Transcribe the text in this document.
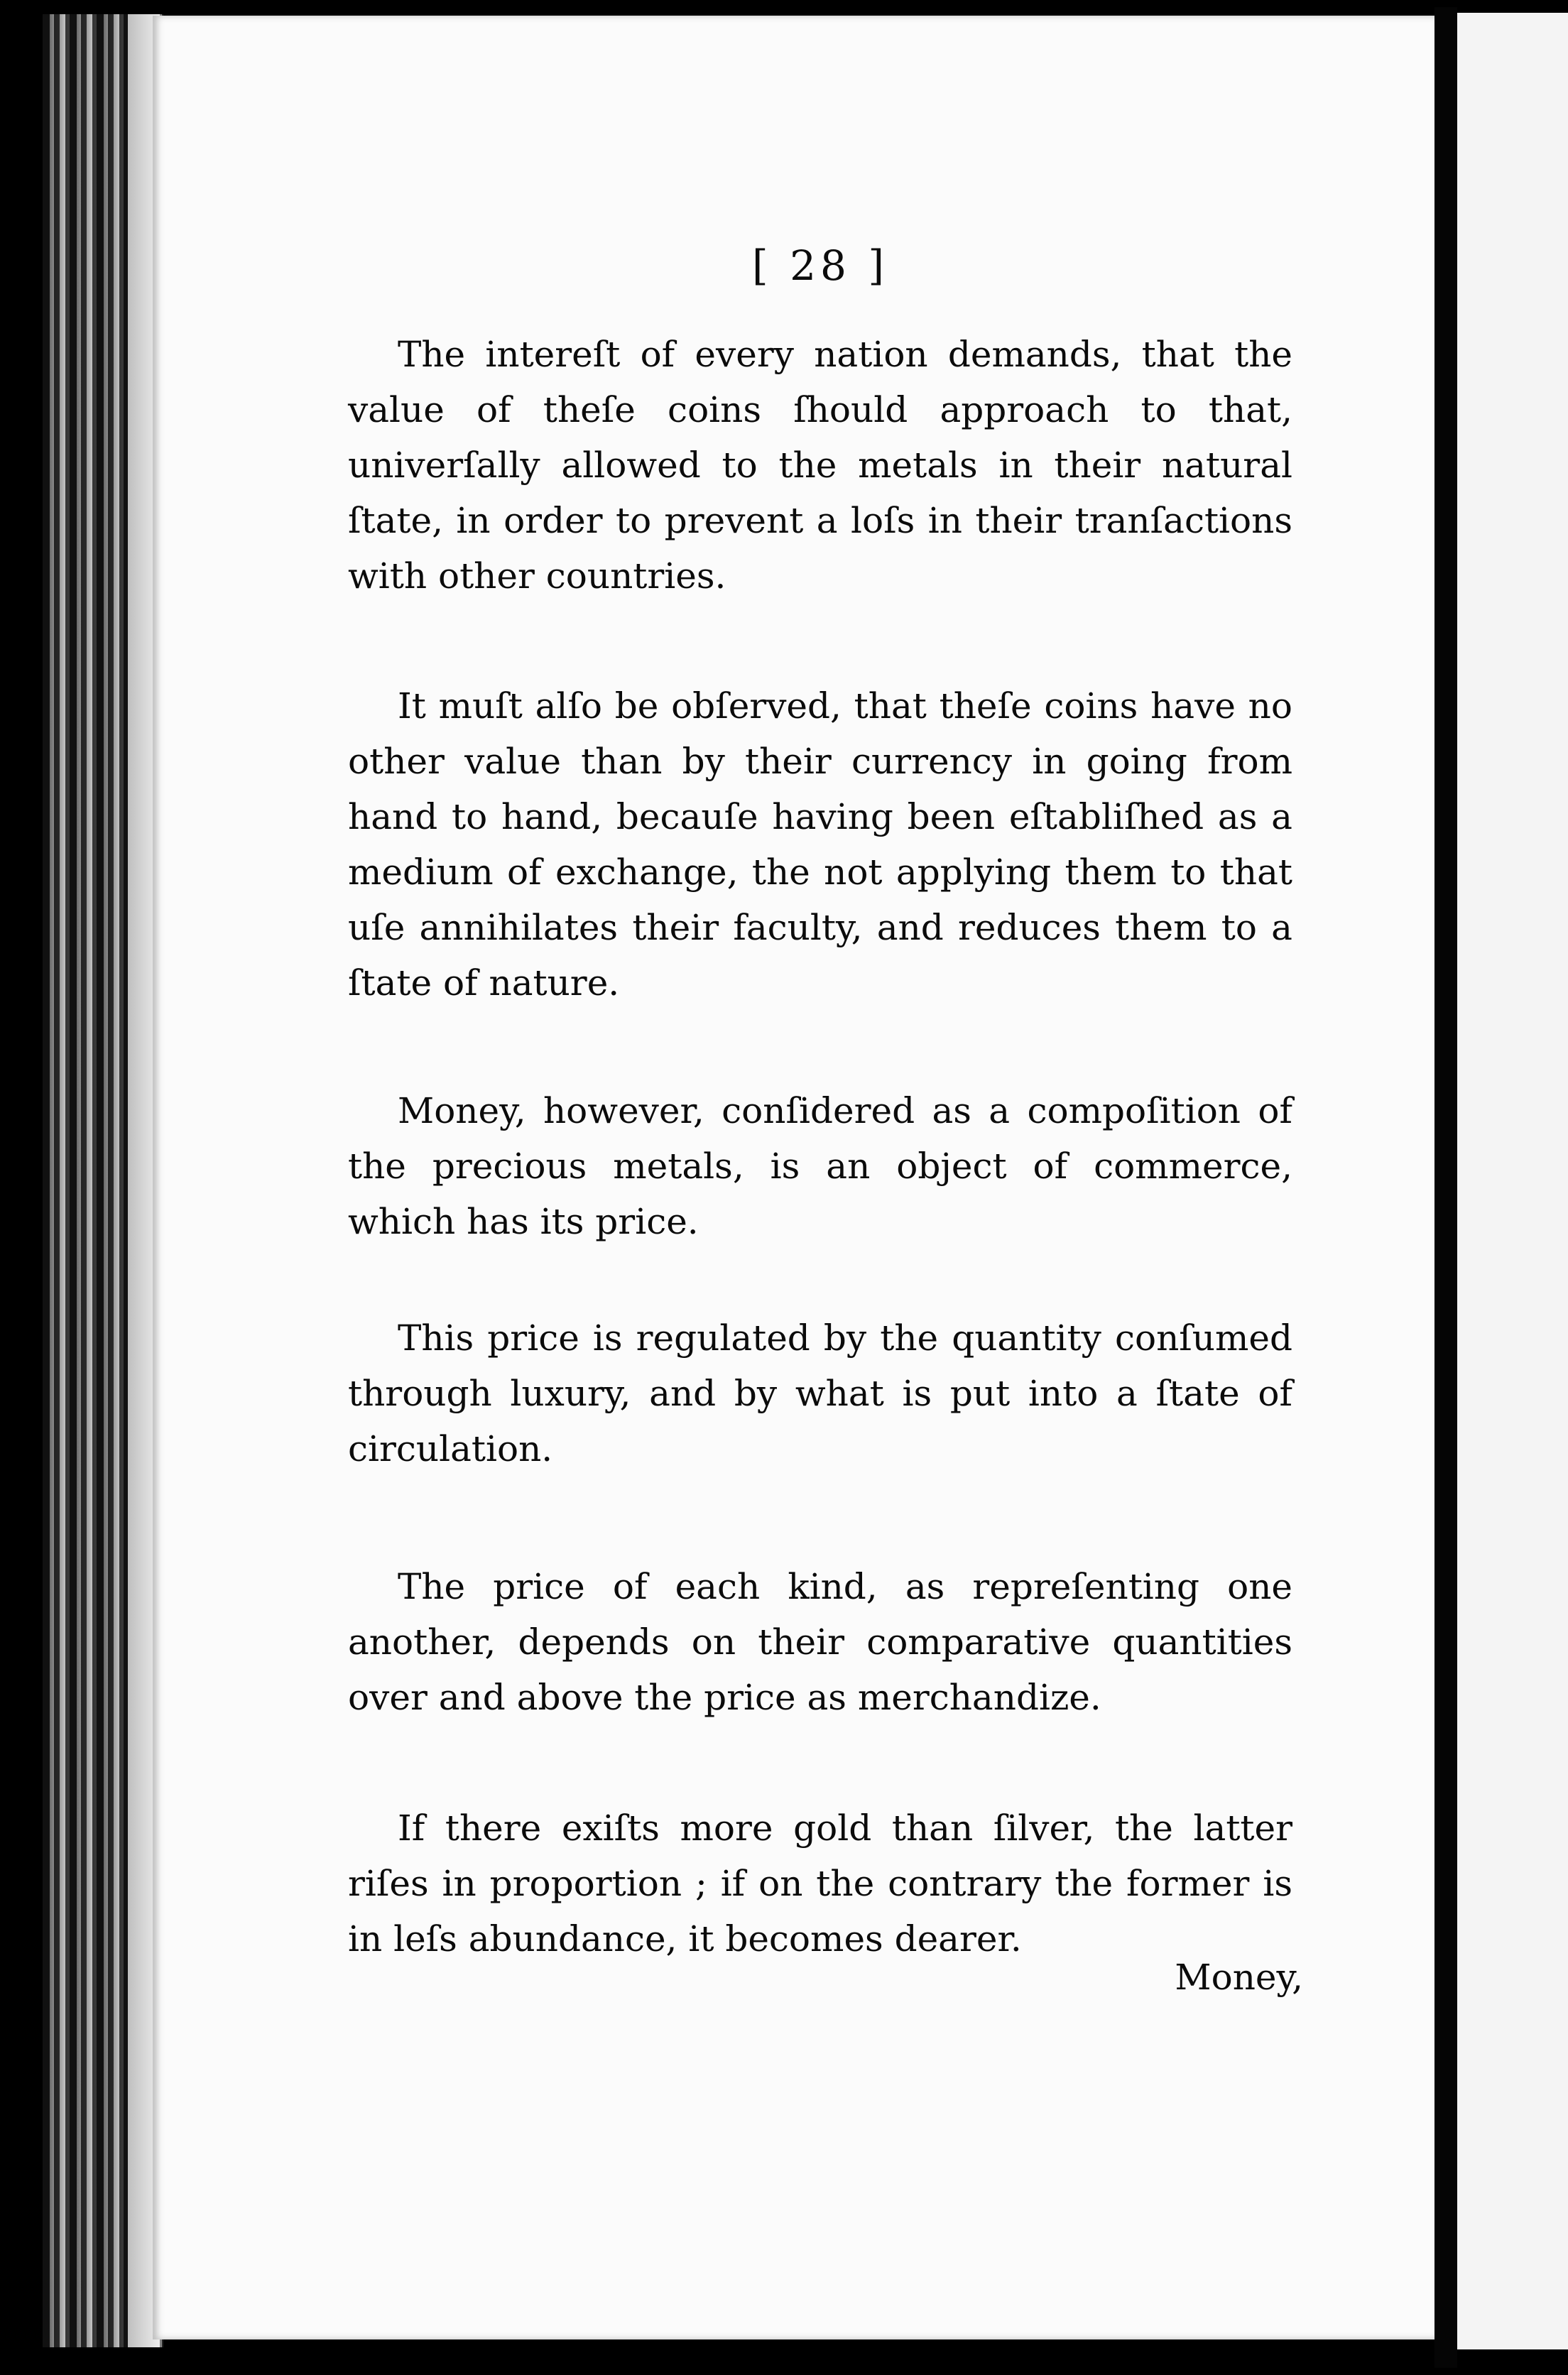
[ 28 ]
The intereſt of every nation demands, that the value of theſe coins ſhould approach to that, univerſally allowed to the metals in their natural ſtate, in order to prevent a loſs in their tranſactions with other countries.
It muſt alſo be obſerved, that theſe coins have no other value than by their currency in going from hand to hand, becauſe having been eſtabliſhed as a medium of exchange, the not applying them to that uſe annihilates their faculty, and reduces them to a ſtate of nature.
Money, however, conſidered as a compoſition of the precious metals, is an object of commerce, which has its price.
This price is regulated by the quantity conſumed through luxury, and by what is put into a ſtate of circulation.
The price of each kind, as repreſenting one another, depends on their comparative quantities over and above the price as merchandize.
If there exiſts more gold than ſilver, the latter riſes in proportion ; if on the contrary the former is in leſs abundance, it becomes dearer.
Money,
